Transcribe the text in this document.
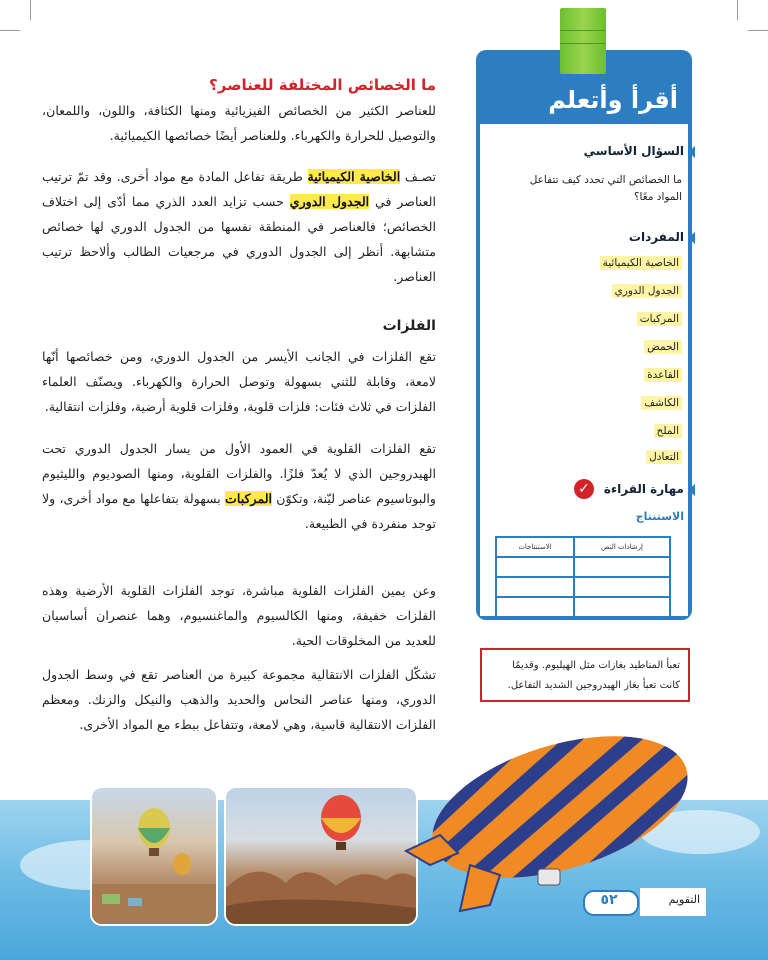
ما الخصائص المختلفة للعناصر؟
للعناصر الكثير من الخصائص الفيزيائية ومنها الكثافة، واللون، واللمعان، والتوصيل للحرارة والكهرباء. وللعناصر أيضًا خصائصها الكيميائية.
تصـف الخاصية الكيميائية طريقة تفاعل المادة مع مواد أخرى. وقد تمّ ترتيب العناصر في الجدول الدوري حسب تزايد العدد الذري مما أدّى إلى اختلاف الخصائص؛ فالعناصر في المنطقة نفسها من الجدول الدوري لها خصائص متشابهة. أنظر إلى الجدول الدوري في مرجعيات الطالب وألاحظ ترتيب العناصر.
الفلزات
تقع الفلزات في الجانب الأيسر من الجدول الدوري، ومن خصائصها أنّها لامعة، وقابلة للثني بسهولة وتوصل الحرارة والكهرباء. ويصنّف العلماء الفلزات في ثلاث فئات: فلزات قلوية، وفلزات قلوية أرضية، وفلزات انتقالية.
تقع الفلزات القلوية في العمود الأول من يسار الجدول الدوري تحت الهيدروجين الذي لا يُعدّ فلزًا. والفلزات القلوية، ومنها الصوديوم والليثيوم والبوتاسيوم عناصر ليّنة، وتكوّن المركبات بسهولة بتفاعلها مع مواد أخرى، ولا توجد منفردة في الطبيعة.
وعن يمين الفلزات القلوية مباشرة، توجد الفلزات القلوية الأرضية وهذه الفلزات خفيفة، ومنها الكالسيوم والماغنسيوم، وهما عنصران أساسيان للعديد من المخلوقات الحية.
تشكّل الفلزات الانتقالية مجموعة كبيرة من العناصر تقع في وسط الجدول الدوري، ومنها عناصر النحاس والحديد والذهب والنيكل والزنك. ومعظم الفلزات الانتقالية قاسية، وهي لامعة، وتتفاعل ببطء مع المواد الأخرى.
أقرأ وأتعلم
السؤال الأساسي
ما الخصائص التي تحدد كيف تتفاعل المواد معًا؟
المفردات
الخاصية الكيميائية
الجدول الدوري
المركبات
الحمض
القاعدة
الكاشف
الملح
التعادل
مهارة القراءة
✓
الاستنتاج
الاستنتاجات	إرشادات النص

تعبأ المناطيد بغازات مثل الهيليوم. وقديمًا كانت تعبأ بغاز الهيدروجين الشديد التفاعل.
٥٢	التقويم
